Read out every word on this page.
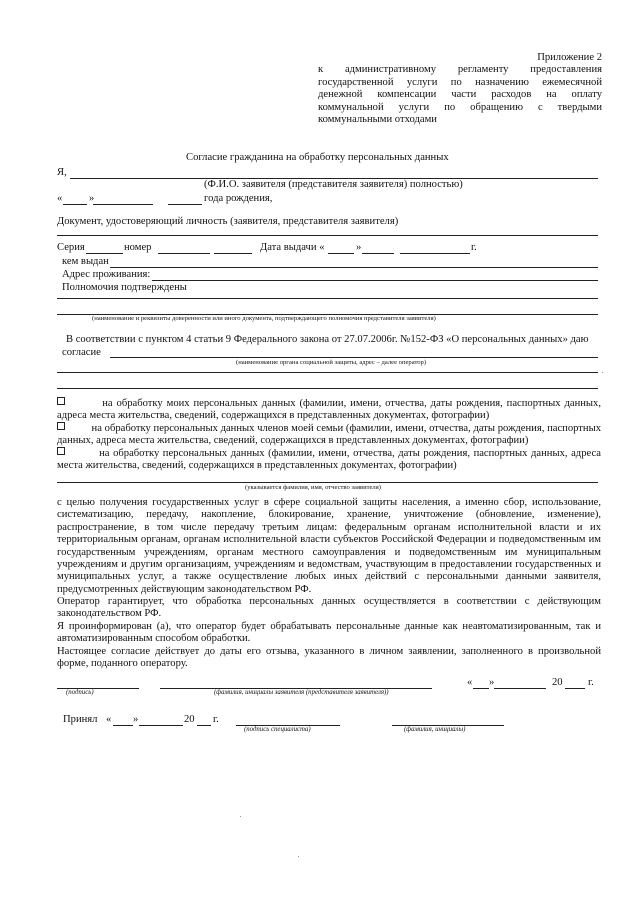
Приложение 2
к административному регламенту предоставления государственной услуги по назначению ежемесячной денежной компенсации части расходов на оплату коммунальной услуги по обращению с твердыми коммунальными отходами
Согласие гражданина на обработку персональных данных
Я,
(Ф.И.О. заявителя (представителя заявителя) полностью)
«	»	года рождения,
Документ, удостоверяющий личность (заявителя, представителя заявителя)
Серия	номер	Дата выдачи «	»	г.
кем выдан
Адрес проживания:
Полномочия подтверждены
(наименование и реквизиты доверенности или иного документа, подтверждающего полномочия представителя заявителя)
В соответствии с пунктом 4 статьи 9 Федерального закона от 27.07.2006г. №152-ФЗ «О персональных данных» даю
согласие
(наименование органа социальной защиты, адрес – далее оператор)
на обработку моих персональных данных (фамилии, имени, отчества, даты рождения, паспортных данных, адреса места жительства, сведений, содержащихся в представленных документах, фотографии)
на обработку персональных данных членов моей семьи (фамилии, имени, отчества, даты рождения, паспортных данных, адреса места жительства, сведений, содержащихся в представленных документах, фотографии)
на обработку персональных данных (фамилии, имени, отчества, даты рождения, паспортных данных, адреса места жительства, сведений, содержащихся в представленных документах, фотографии)
(указывается фамилия, имя, отчество заявителя)
с целью получения государственных услуг в сфере социальной защиты населения, а именно сбор, использование, систематизацию, передачу, накопление, блокирование, хранение, уничтожение (обновление, изменение), распространение, в том числе передачу третьим лицам: федеральным органам исполнительной власти и их территориальным органам, органам исполнительной власти субъектов Российской Федерации и подведомственным им государственным учреждениям, органам местного самоуправления и подведомственным им муниципальным учреждениям и другим организациям, учреждениям и ведомствам, участвующим в предоставлении государственных и муниципальных услуг, а также осуществление любых иных действий с персональными данными заявителя, предусмотренных действующим законодательством РФ.
Оператор гарантирует, что обработка персональных данных осуществляется в соответствии с действующим законодательством РФ.
Я проинформирован (а), что оператор будет обрабатывать персональные данные как неавтоматизированным, так и автоматизированным способом обработки.
Настоящее согласие действует до даты его отзыва, указанного в личном заявлении, заполненного в произвольной форме, поданного оператору.
(подпись)	(фамилия, инициалы заявителя (представителя заявителя))
« »	20 г.
Принял « »	20 г.
(подпись специалиста)	(фамилия, инициалы)
